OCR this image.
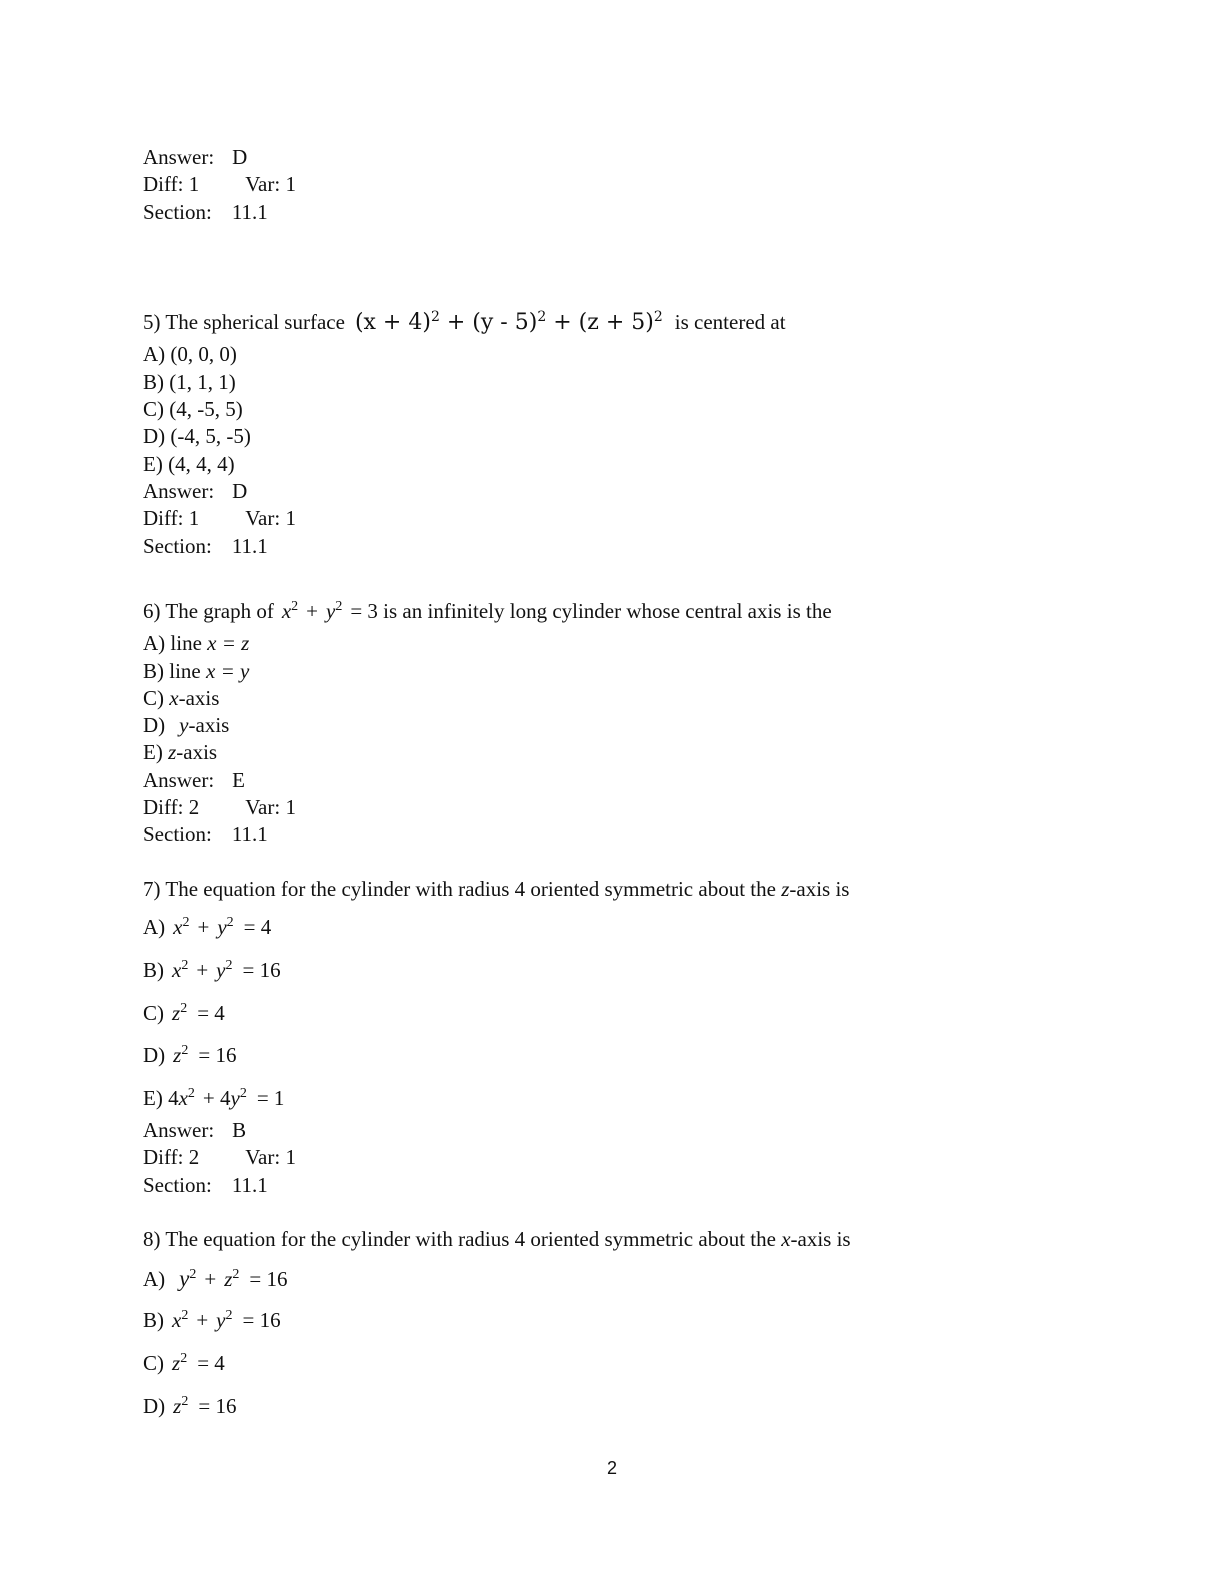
Answer: D
Diff: 1 Var: 1
Section: 11.1
5) The spherical surface $(x + 4)^2 + (y - 5)^2 + (z + 5)^2$ is centered at
A) (0, 0, 0)
B) (1, 1, 1)
C) (4, -5, 5)
D) (-4, 5, -5)
E) (4, 4, 4)
Answer: D
Diff: 1 Var: 1
Section: 11.1
6) The graph of $x^2 + y^2 = 3$ is an infinitely long cylinder whose central axis is the
A) line x = z
B) line x = y
C) x-axis
D) y-axis
E) z-axis
Answer: E
Diff: 2 Var: 1
Section: 11.1
7) The equation for the cylinder with radius 4 oriented symmetric about the z-axis is
A) $x^2 + y^2 = 4$
B) $x^2 + y^2 = 16$
C) $z^2 = 4$
D) $z^2 = 16$
E) $4x^2 + 4y^2 = 1$
Answer: B
Diff: 2 Var: 1
Section: 11.1
8) The equation for the cylinder with radius 4 oriented symmetric about the x-axis is
A) $y^2 + z^2 = 16$
B) $x^2 + y^2 = 16$
C) $z^2 = 4$
D) $z^2 = 16$
2
